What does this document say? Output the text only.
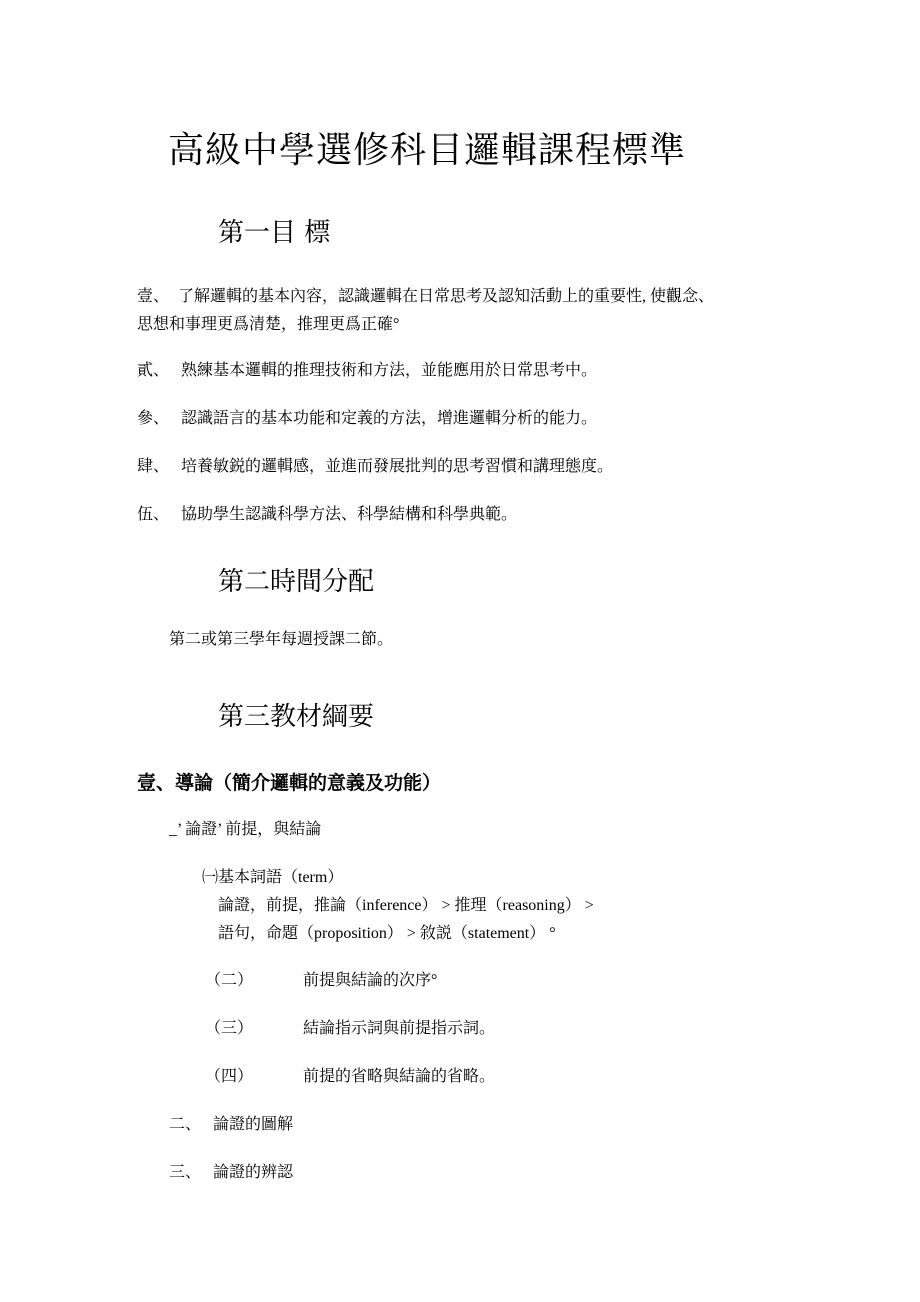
高級中學選修科目邏輯課程標準
第一目 標
壹、 了解邏輯的基本內容，認識邏輯在日常思考及認知活動上的重要性, 使觀念、
思想和事理更爲清楚，推理更爲正確°
貳、 熟練基本邏輯的推理技術和方法，並能應用於日常思考中。
參、 認識語言的基本功能和定義的方法，增進邏輯分析的能力。
肆、 培養敏鋭的邏輯感，並進而發展批判的思考習慣和講理態度。
伍、 協助學生認識科學方法、科學結構和科學典範。
第二時間分配
第二或第三學年每週授課二節。
第三教材綱要
壹、導論（簡介邏輯的意義及功能）
_’ 論證’ 前提，與結論
㈠基本詞語（term）
論證，前提，推論（inference） > 推理（reasoning） >
語句，命題（proposition） > 敘説（statement） °
（二）	前提與結論的次序°
（三）	結論指示詞與前提指示詞。
（四）	前提的省略與結論的省略。
二、 論證的圖解
三、 論證的辨認
